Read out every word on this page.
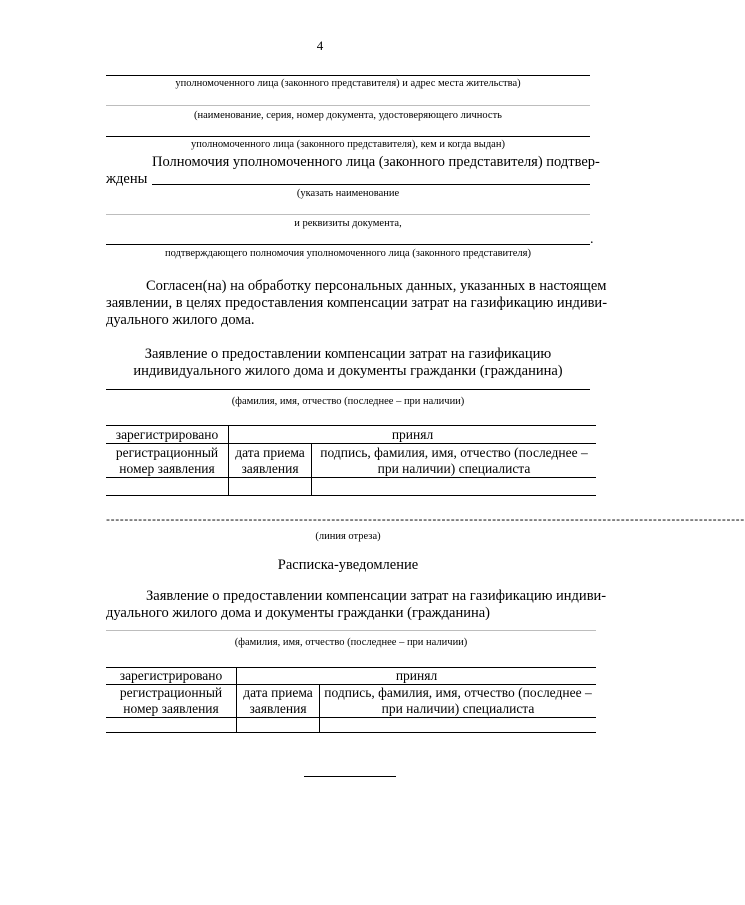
4
уполномоченного лица (законного представителя) и адрес места жительства)
(наименование, серия, номер документа, удостоверяющего личность
уполномоченного лица (законного представителя), кем и когда выдан)
Полномочия уполномоченного лица (законного представителя) подтвер-
ждены
(указать наименование
и реквизиты документа,
.
подтверждающего полномочия уполномоченного лица (законного представителя)
Согласен(на) на обработку персональных данных, указанных в настоящем
заявлении, в целях предоставления компенсации затрат на газификацию индиви-
дуального жилого дома.
Заявление о предоставлении компенсации затрат на газификацию
индивидуального жилого дома и документы гражданки (гражданина)
(фамилия, имя, отчество (последнее – при наличии)
зарегистрировано	принял	
регистрационный номер заявления	дата приема заявления	подпись, фамилия, имя, отчество (последнее – при наличии) специалиста

-------------------------------------------------------------------------------------------------------------------------------------------
(линия отреза)
Расписка-уведомление
Заявление о предоставлении компенсации затрат на газификацию индиви-
дуального жилого дома и документы гражданки (гражданина)
(фамилия, имя, отчество (последнее – при наличии)
зарегистрировано	принял	
регистрационный номер заявления	дата приема заявления	подпись, фамилия, имя, отчество (последнее – при наличии) специалиста
